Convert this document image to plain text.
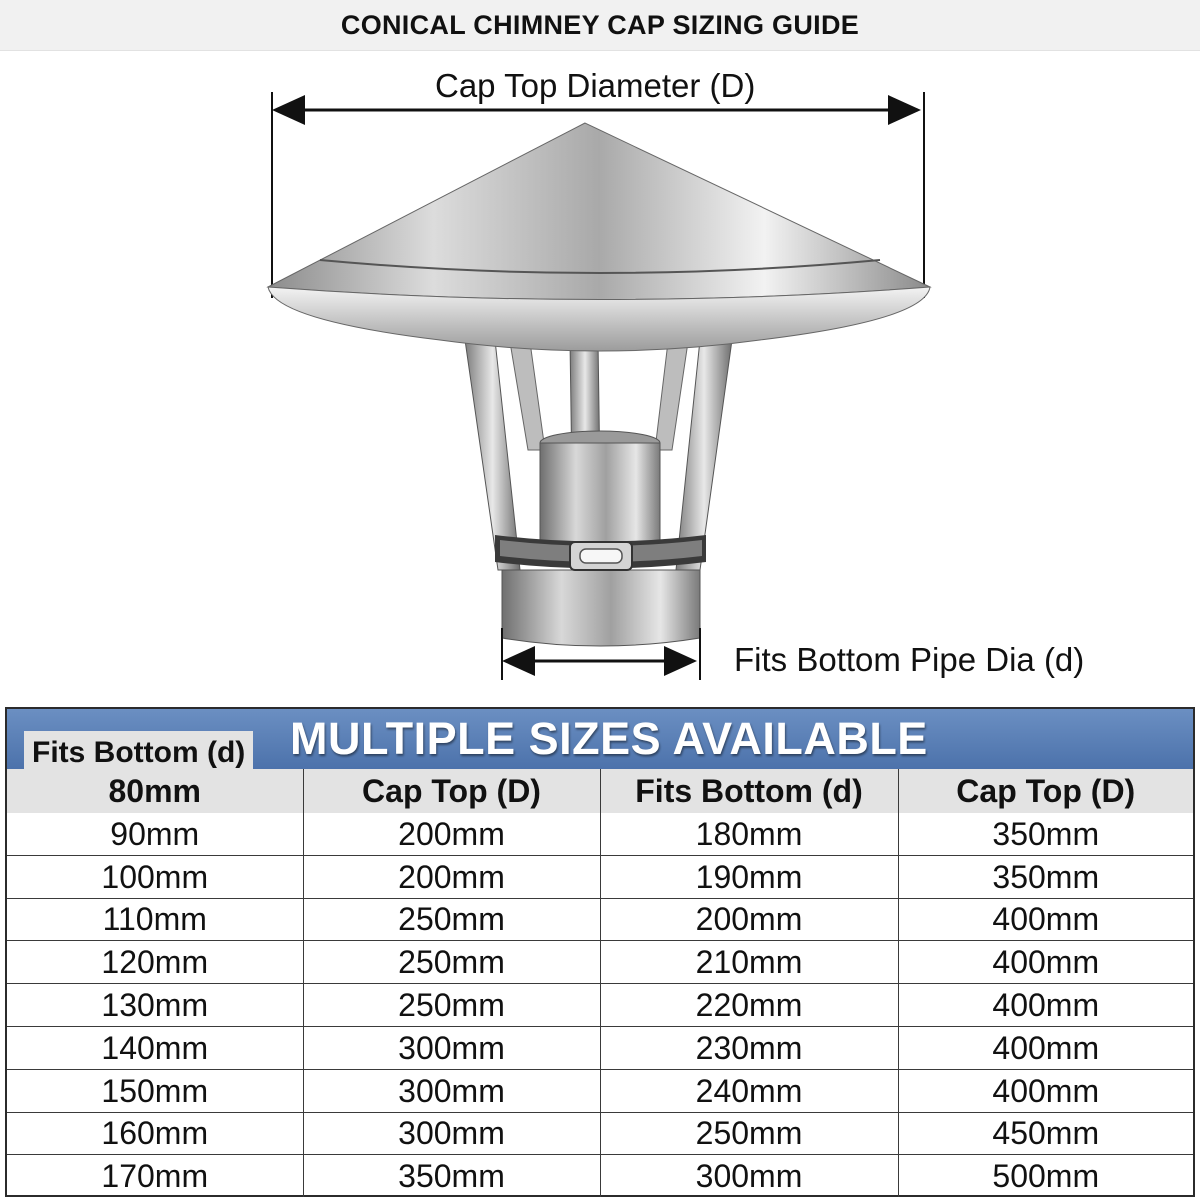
CONICAL CHIMNEY CAP SIZING GUIDE
Cap Top Diameter (D)
Fits Bottom Pipe Dia (d)
MULTIPLE SIZES AVAILABLE
Fits Bottom (d)
80mm	Cap Top (D)	Fits Bottom (d)	Cap Top (D)
90mm	200mm	180mm	350mm
100mm	200mm	190mm	350mm
110mm	250mm	200mm	400mm
120mm	250mm	210mm	400mm
130mm	250mm	220mm	400mm
140mm	300mm	230mm	400mm
150mm	300mm	240mm	400mm
160mm	300mm	250mm	450mm
170mm	350mm	300mm	500mm
